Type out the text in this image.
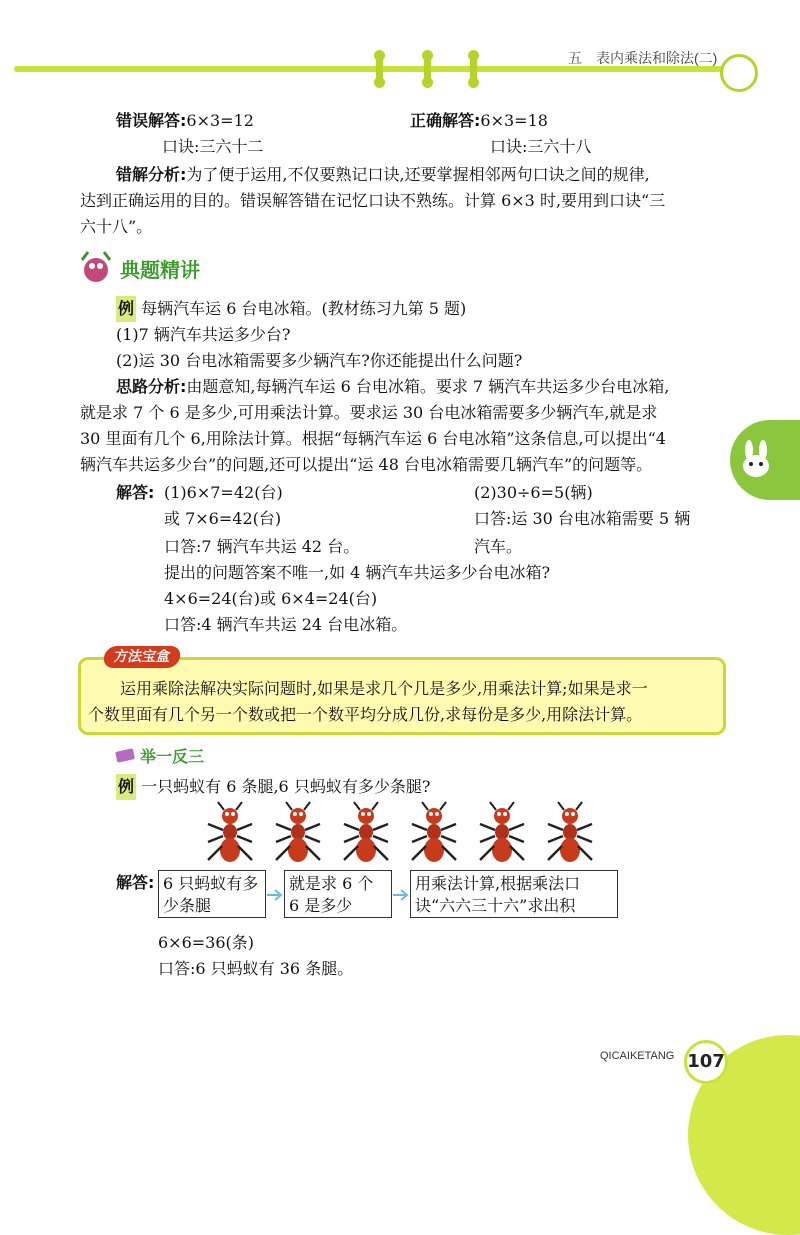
五　表内乘法和除法(二)
错误解答:6×3=12	正确解答:6×3=18
口诀:三六十二	口诀:三六十八
错解分析:为了便于运用,不仅要熟记口诀,还要掌握相邻两句口诀之间的规律,
达到正确运用的目的。错误解答错在记忆口诀不熟练。计算 6×3 时,要用到口诀“三
六十八”。
典题精讲
例 每辆汽车运 6 台电冰箱。(教材练习九第 5 题)
(1)7 辆汽车共运多少台?
(2)运 30 台电冰箱需要多少辆汽车?你还能提出什么问题?
思路分析:由题意知,每辆汽车运 6 台电冰箱。要求 7 辆汽车共运多少台电冰箱,
就是求 7 个 6 是多少,可用乘法计算。要求运 30 台电冰箱需要多少辆汽车,就是求
30 里面有几个 6,用除法计算。根据“每辆汽车运 6 台电冰箱”这条信息,可以提出“4
辆汽车共运多少台”的问题,还可以提出“运 48 台电冰箱需要几辆汽车”的问题等。
解答: (1)6×7=42(台)
或 7×6=42(台)
口答:7 辆汽车共运 42 台。
(2)30÷6=5(辆)
口答:运 30 台电冰箱需要 5 辆
汽车。
提出的问题答案不唯一,如 4 辆汽车共运多少台电冰箱?
4×6=24(台)或 6×4=24(台)
口答:4 辆汽车共运 24 台电冰箱。
方法宝盒
运用乘除法解决实际问题时,如果是求几个几是多少,用乘法计算;如果是求一
个数里面有几个另一个数或把一个数平均分成几份,求每份是多少,用除法计算。
举一反三
例 一只蚂蚁有 6 条腿,6 只蚂蚁有多少条腿?
解答: 6 只蚂蚁有多少条腿
就是求 6 个 6 是多少
用乘法计算,根据乘法口诀“六六三十六”求出积
6×6=36(条)
口答:6 只蚂蚁有 36 条腿。
QICAIKETANG 107
